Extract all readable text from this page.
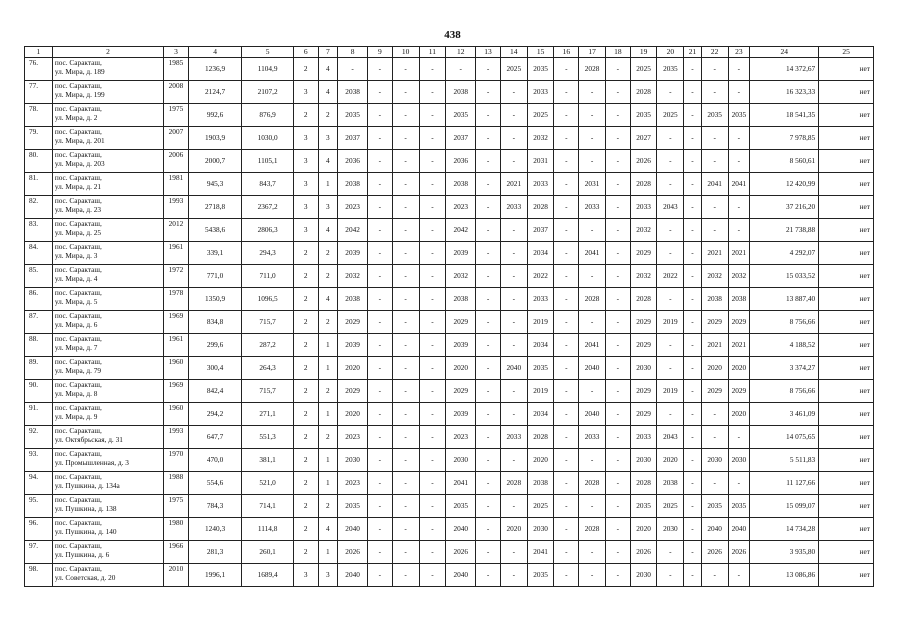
438
1	2	3	4	5	6	7	8	9	10	11	12	13	14	15	16	17	18	19	20	21	22	23	24	25
76.	пос. Саракташ,
ул. Мира, д. 189	1985	1236,9	1104,9	2	4	-	-	-	-	-	-	2025	2035	-	2028	-	2025	2035	-	-	-	14 372,67	нет
77.	пос. Саракташ,
ул. Мира, д. 199	2008	2124,7	2107,2	3	4	2038	-	-	-	2038	-	-	2033	-	-	-	2028	-	-	-	-	16 323,33	нет
78.	пос. Саракташ,
ул. Мира, д. 2	1975	992,6	876,9	2	2	2035	-	-	-	2035	-	-	2025	-	-	-	2035	2025	-	2035	2035	18 541,35	нет
79.	пос. Саракташ,
ул. Мира, д. 201	2007	1903,9	1030,0	3	3	2037	-	-	-	2037	-	-	2032	-	-	-	2027	-	-	-	-	7 978,85	нет
80.	пос. Саракташ,
ул. Мира, д. 203	2006	2000,7	1105,1	3	4	2036	-	-	-	2036	-	-	2031	-	-	-	2026	-	-	-	-	8 560,61	нет
81.	пос. Саракташ,
ул. Мира, д. 21	1981	945,3	843,7	3	1	2038	-	-	-	2038	-	2021	2033	-	2031	-	2028	-	-	2041	2041	12 420,99	нет
82.	пос. Саракташ,
ул. Мира, д. 23	1993	2718,8	2367,2	3	3	2023	-	-	-	2023	-	2033	2028	-	2033	-	2033	2043	-	-	-	37 216,20	нет
83.	пос. Саракташ,
ул. Мира, д. 25	2012	5438,6	2806,3	3	4	2042	-	-	-	2042	-	-	2037	-	-	-	2032	-	-	-	-	21 738,88	нет
84.	пос. Саракташ,
ул. Мира, д. 3	1961	339,1	294,3	2	2	2039	-	-	-	2039	-	-	2034	-	2041	-	2029	-	-	2021	2021	4 292,07	нет
85.	пос. Саракташ,
ул. Мира, д. 4	1972	771,0	711,0	2	2	2032	-	-	-	2032	-	-	2022	-	-	-	2032	2022	-	2032	2032	15 033,52	нет
86.	пос. Саракташ,
ул. Мира, д. 5	1978	1350,9	1096,5	2	4	2038	-	-	-	2038	-	-	2033	-	2028	-	2028	-	-	2038	2038	13 887,40	нет
87.	пос. Саракташ,
ул. Мира, д. 6	1969	834,8	715,7	2	2	2029	-	-	-	2029	-	-	2019	-	-	-	2029	2019	-	2029	2029	8 756,66	нет
88.	пос. Саракташ,
ул. Мира, д. 7	1961	299,6	287,2	2	1	2039	-	-	-	2039	-	-	2034	-	2041	-	2029	-	-	2021	2021	4 188,52	нет
89.	пос. Саракташ,
ул. Мира, д. 79	1960	300,4	264,3	2	1	2020	-	-	-	2020	-	2040	2035	-	2040	-	2030	-	-	2020	2020	3 374,27	нет
90.	пос. Саракташ,
ул. Мира, д. 8	1969	842,4	715,7	2	2	2029	-	-	-	2029	-	-	2019	-	-	-	2029	2019	-	2029	2029	8 756,66	нет
91.	пос. Саракташ,
ул. Мира, д. 9	1960	294,2	271,1	2	1	2020	-	-	-	2039	-	-	2034	-	2040	-	2029	-	-	-	2020	3 461,09	нет
92.	пос. Саракташ,
ул. Октябрьская, д. 31	1993	647,7	551,3	2	2	2023	-	-	-	2023	-	2033	2028	-	2033	-	2033	2043	-	-	-	14 075,65	нет
93.	пос. Саракташ,
ул. Промышленная, д. 3	1970	470,0	381,1	2	1	2030	-	-	-	2030	-	-	2020	-	-	-	2030	2020	-	2030	2030	5 511,83	нет
94.	пос. Саракташ,
ул. Пушкина, д. 134а	1988	554,6	521,0	2	1	2023	-	-	-	2041	-	2028	2038	-	2028	-	2028	2038	-	-	-	11 127,66	нет
95.	пос. Саракташ,
ул. Пушкина, д. 138	1975	784,3	714,1	2	2	2035	-	-	-	2035	-	-	2025	-	-	-	2035	2025	-	2035	2035	15 099,07	нет
96.	пос. Саракташ,
ул. Пушкина, д. 140	1980	1240,3	1114,8	2	4	2040	-	-	-	2040	-	2020	2030	-	2028	-	2020	2030	-	2040	2040	14 734,28	нет
97.	пос. Саракташ,
ул. Пушкина, д. 6	1966	281,3	260,1	2	1	2026	-	-	-	2026	-	-	2041	-	-	-	2026	-	-	2026	2026	3 935,80	нет
98.	пос. Саракташ,
ул. Советская, д. 20	2010	1996,1	1689,4	3	3	2040	-	-	-	2040	-	-	2035	-	-	-	2030	-	-	-	-	13 086,86	нет
